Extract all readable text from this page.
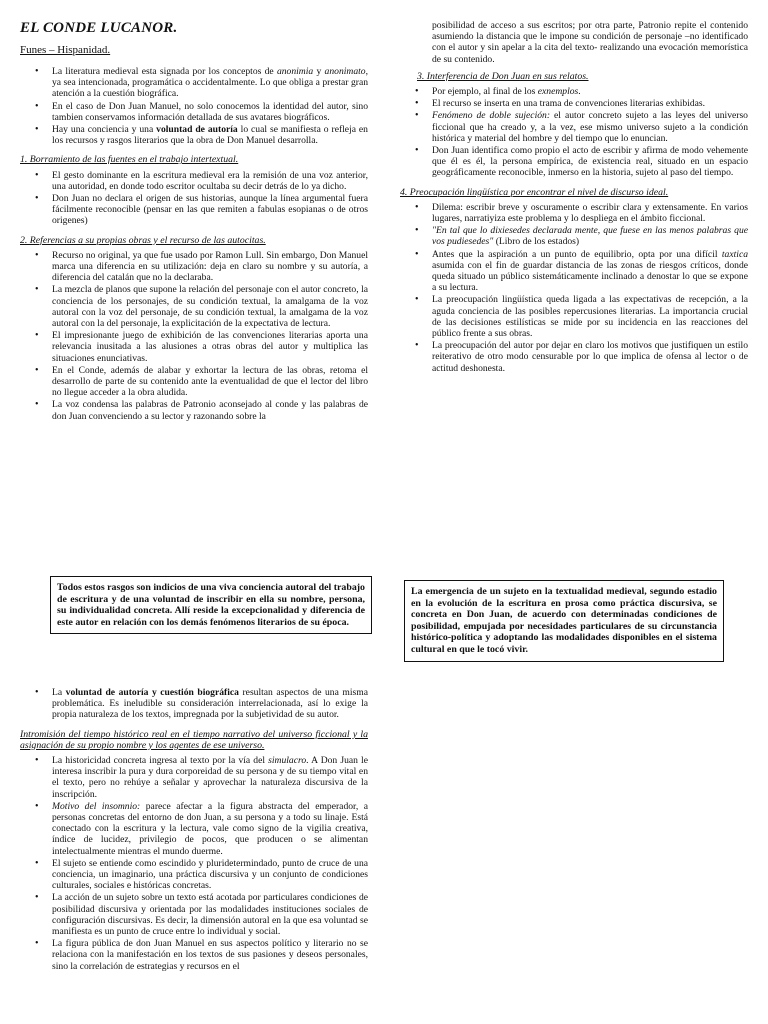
EL CONDE LUCANOR.
Funes – Hispanidad.
• La literatura medieval esta signada por los conceptos de anonimia y anonimato, ya sea intencionada, programática o accidentalmente. Lo que obliga a prestar gran atención a la cuestión biográfica.
• En el caso de Don Juan Manuel, no solo conocemos la identidad del autor, sino tambien conservamos información detallada de sus avatares biográficos.
• Hay una conciencia y una voluntad de autoría lo cual se manifiesta o refleja en los recursos y rasgos literarios que la obra de Don Manuel desarrolla.
1. Borramiento de las fuentes en el trabajo intertextual.
• El gesto dominante en la escritura medieval era la remisión de una voz anterior, una autoridad, en donde todo escritor ocultaba su decir detrás de lo ya dicho.
• Don Juan no declara el origen de sus historias, aunque la línea argumental fuera fácilmente reconocible (pensar en las que remiten a fabulas esopianas o de otros origenes)
2. Referencias a su propias obras y el recurso de las autocitas.
• Recurso no original, ya que fue usado por Ramon Lull. Sin embargo, Don Manuel marca una diferencia en su utilización: deja en claro su nombre y su autoría, a diferencia del catalán que no la declaraba.
• La mezcla de planos que supone la relación del personaje con el autor concreto, la conciencia de los personajes, de su condición textual, la amalgama de la voz autoral con la voz del personaje, de su condición textual, la amalgama de la voz autoral con la del personaje, la explicitación de la expectativa de lectura.
• El impresionante juego de exhibición de las convenciones literarias aporta una relevancia inusitada a las alusiones a otras obras del autor y multiplica las situaciones enunciativas.
• En el Conde, además de alabar y exhortar la lectura de las obras, retoma el desarrollo de parte de su contenido ante la eventualidad de que el lector del libro no llegue acceder a la obra aludida.
• La voz condensa las palabras de Patronio aconsejado al conde y las palabras de don Juan convenciendo a su lector y razonando sobre la

posibilidad de acceso a sus escritos; por otra parte, Patronio repite el contenido asumiendo la distancia que le impone su condición de personaje –no identificado con el autor y sin apelar a la cita del texto- realizando una evocación memorística de su contenido.

3. Interferencia de Don Juan en sus relatos.
• Por ejemplo, al final de los exnemplos.
• El recurso se inserta en una trama de convenciones literarias exhibidas.
• Fenómeno de doble sujeción: el autor concreto sujeto a las leyes del universo ficcional que ha creado y, a la vez, ese mismo universo sujeto a la condición histórica y material del hombre y del tiempo que lo enuncian.
• Don Juan identifica como propio el acto de escribir y afirma de modo vehemente que él es él, la persona empírica, de existencia real, situado en un espacio geográficamente reconocible, inmerso en la historia, sujeto al paso del tiempo.
4. Preocupación lingüística por encontrar el nivel de discurso ideal.
• Dilema: escribir breve y oscuramente o escribir clara y extensamente. En varios lugares, narratiyiza este problema y lo despliega en el ámbito ficcional.
• "En tal que lo dixiesedes declarada mente, que fuese en las menos palabras que vos pudiesedes" (Libro de los estados)
• Antes que la aspiración a un punto de equilibrio, opta por una difícil taxtica asumida con el fin de guardar distancia de las zonas de riesgos críticos, donde queda situado un público sistemáticamente inclinado a denostar lo que se expone a su lectura.
• La preocupación lingüística queda ligada a las expectativas de recepción, a la aguda conciencia de las posibles repercusiones literarias. La importancia crucial de las decisiones estilísticas se mide por su incidencia en las reacciones del público frente a sus obras.
• La preocupación del autor por dejar en claro los motivos que justifiquen un estilo reiterativo de otro modo censurable por lo que implica de ofensa al lector o de actitud deshonesta.
Todos estos rasgos son indicios de una viva conciencia autoral del trabajo de escritura y de una voluntad de inscribir en ella su nombre, persona, su individualidad concreta. Allí reside la excepcionalidad y diferencia de este autor en relación con los demás fenómenos literarios de su época.
La emergencia de un sujeto en la textualidad medieval, segundo estadio en la evolución de la escritura en prosa como práctica discursiva, se concreta en Don Juan, de acuerdo con determinadas condiciones de posibilidad, empujada por necesidades particulares de su circunstancia histórico-política y adoptando las modalidades disponibles en el sistema cultural en que le tocó vivir.
• La voluntad de autoría y cuestión biográfica resultan aspectos de una misma problemática. Es ineludible su consideración interrelacionada, así lo exige la propia naturaleza de los textos, impregnada por la subjetividad de su autor.
Intromisión del tiempo histórico real en el tiempo narrativo del universo ficcional y la asignación de su propio nombre y los agentes de ese universo.
• La historicidad concreta ingresa al texto por la vía del simulacro. A Don Juan le interesa inscribir la pura y dura corporeidad de su persona y de su tiempo vital en el texto, pero no rehúye a señalar y aprovechar la naturaleza discursiva de la inscripción.
• Motivo del insomnio: parece afectar a la figura abstracta del emperador, a personas concretas del entorno de don Juan, a su persona y a todo su linaje. Está conectado con la escritura y la lectura, vale como signo de la vigilia creativa, índice de lucidez, privilegio de pocos, que producen o se alimentan intelectualmente mientras el mundo duerme.
• El sujeto se entiende como escindido y pluridetermindado, punto de cruce de una conciencia, un imaginario, una práctica discursiva y un conjunto de condiciones culturales, sociales e históricas concretas.
• La acción de un sujeto sobre un texto está acotada por particulares condiciones de posibilidad discursiva y orientada por las modalidades instituciones sociales de configuración discursivas. Es decir, la dimensión autoral en la que esa voluntad se manifiesta es un punto de cruce entre lo individual y social.
• La figura pública de don Juan Manuel en sus aspectos político y literario no se relaciona con la manifestación en los textos de sus pasiones y deseos personales, sino la correlación de estrategias y recursos en el
